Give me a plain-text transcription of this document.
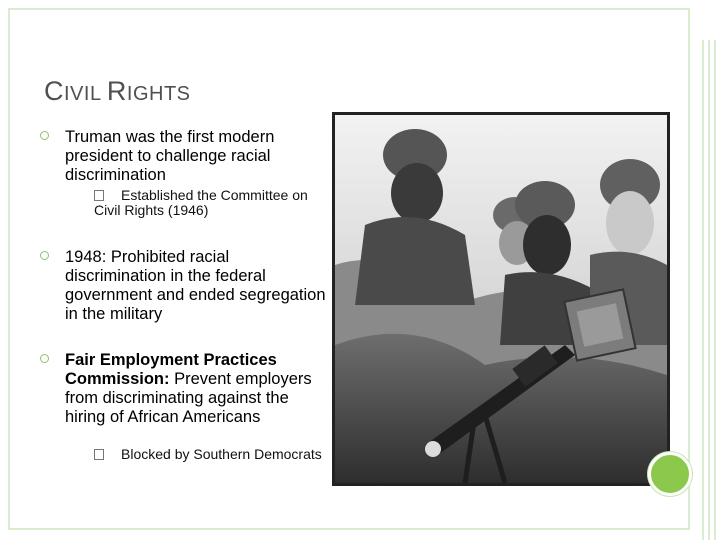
CIVIL RIGHTS
Truman was the first modern president to challenge racial discrimination
Established the Committee on Civil Rights (1946)
1948: Prohibited racial discrimination in the federal government and ended segregation in the military
Fair Employment Practices Commission: Prevent employers from discriminating against the hiring of African Americans
Blocked by Southern Democrats
